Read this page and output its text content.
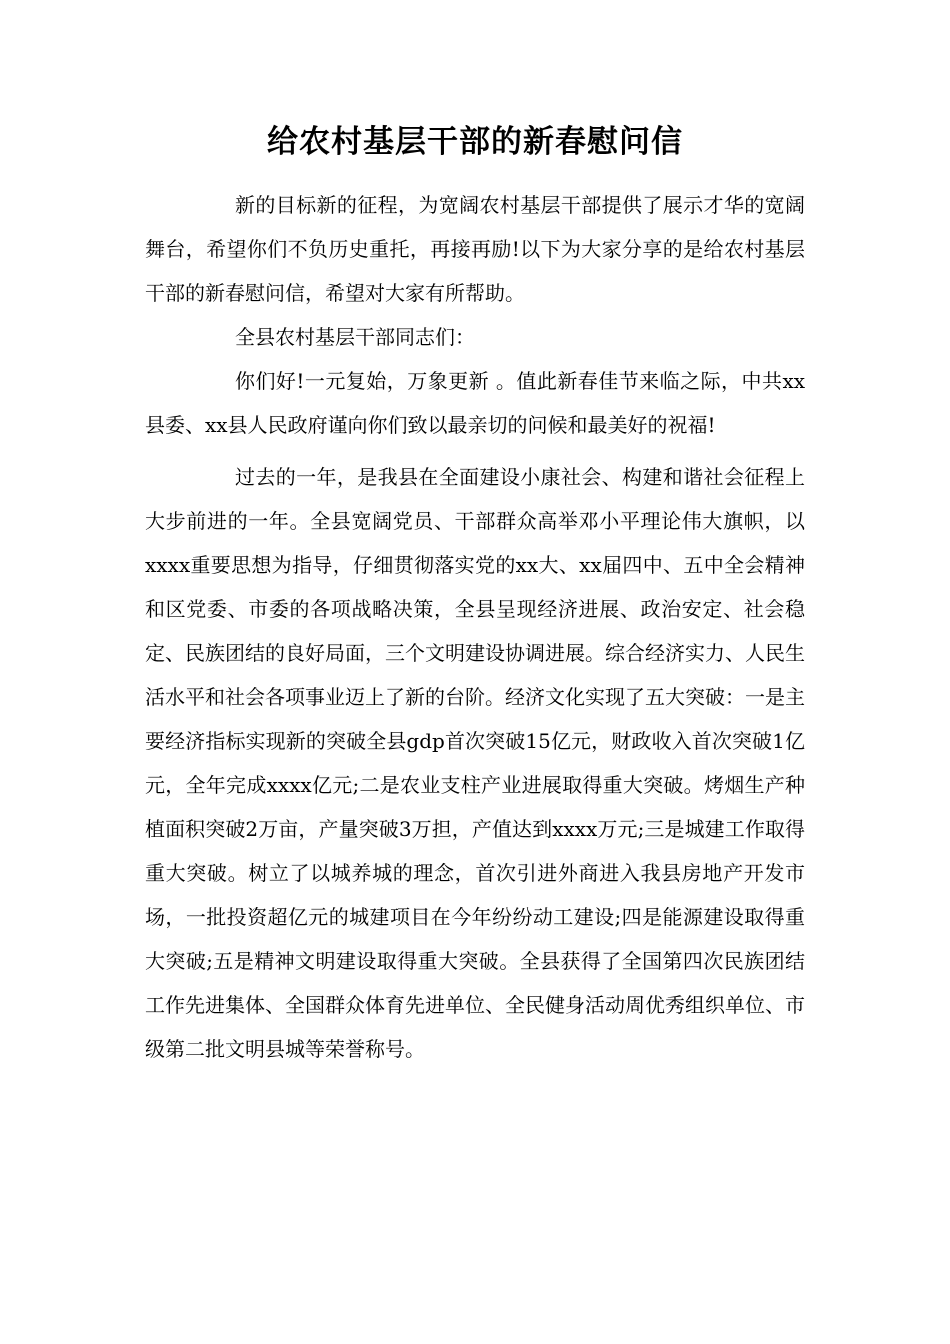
给农村基层干部的新春慰问信

新的目标新的征程，为宽阔农村基层干部提供了展示才华的宽阔舞台，希望你们不负历史重托，再接再励!以下为大家分享的是给农村基层干部的新春慰问信，希望对大家有所帮助。

全县农村基层干部同志们：

你们好!一元复始，万象更新 。值此新春佳节来临之际，中共xx县委、xx县人民政府谨向你们致以最亲切的问候和最美好的祝福!

过去的一年，是我县在全面建设小康社会、构建和谐社会征程上大步前进的一年。全县宽阔党员、干部群众高举邓小平理论伟大旗帜，以xxxx重要思想为指导，仔细贯彻落实党的xx大、xx届四中、五中全会精神和区党委、市委的各项战略决策，全县呈现经济进展、政治安定、社会稳定、民族团结的良好局面，三个文明建设协调进展。综合经济实力、人民生活水平和社会各项事业迈上了新的台阶。经济文化实现了五大突破：一是主要经济指标实现新的突破全县gdp首次突破15亿元，财政收入首次突破1亿元，全年完成xxxx亿元;二是农业支柱产业进展取得重大突破。烤烟生产种植面积突破2万亩，产量突破3万担，产值达到xxxx万元;三是城建工作取得重大突破。树立了以城养城的理念，首次引进外商进入我县房地产开发市场，一批投资超亿元的城建项目在今年纷纷动工建设;四是能源建设取得重大突破;五是精神文明建设取得重大突破。全县获得了全国第四次民族团结工作先进集体、全国群众体育先进单位、全民健身活动周优秀组织单位、市级第二批文明县城等荣誉称号。
